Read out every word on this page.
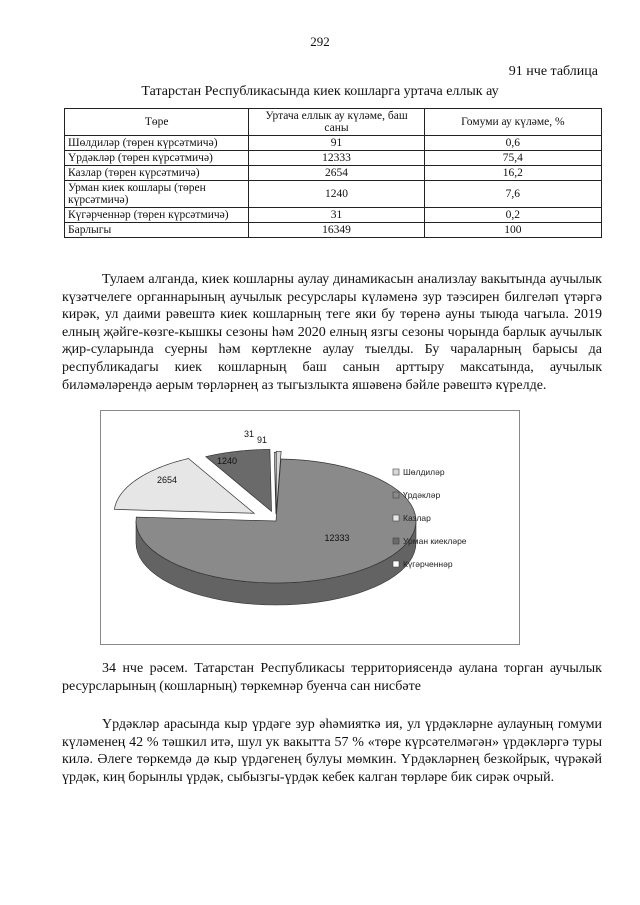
292
91 нче таблица
Татарстан Республикасында киек кошларга уртача еллык ау
Төре	Уртача еллык ау күләме, баш саны	Гомуми ау күләме, %
Шөлдиләр (төрен күрсәтмичә)	91	0,6
Үрдәкләр (төрен күрсәтмичә)	12333	75,4
Казлар (төрен күрсәтмичә)	2654	16,2
Урман киек кошлары (төрен күрсәтмичә)	1240	7,6
Күгәрченнәр (төрен күрсәтмичә)	31	0,2
Барлыгы	16349	100

Тулаем алганда, киек кошларны аулау динамикасын анализлау вакытында аучылык күзәтчелеге органнарының аучылык ресурслары күләменә зур тәэсирен билгеләп үтәргә кирәк, ул даими рәвештә киек кошларның теге яки бу төренә ауны тыюда чагыла. 2019 елның җәйге-көзге-кышкы сезоны һәм 2020 елның язгы сезоны чорында барлык аучылык җир-суларында суерны һәм көртлекне аулау тыелды. Бу чараларның барысы да республикадагы киек кошларның баш санын арттыру максатында, аучылык биләмәләрендә аерым төрләрнең аз тыгызлыкта яшәвенә бәйле рәвештә күрелде.

91
12333
2654
1240
31
Шөлдиләр
Үрдәкләр
Казлар
Урман киекләре
Күгәрченнәр

34 нче рәсем. Татарстан Республикасы территориясендә аулана торган аучылык ресурсларының (кошларның) төркемнәр буенча сан нисбәте

Үрдәкләр арасында кыр үрдәге зур әһәмияткә ия, ул үрдәкләрне аулауның гомуми күләменең 42 % тәшкил итә, шул ук вакытта 57 % «төре күрсәтелмәгән» үрдәкләргә туры килә. Әлеге төркемдә дә кыр үрдәгенең булуы мөмкин. Үрдәкләрнең безкойрык, чүрәкәй үрдәк, киң борынлы үрдәк, сыбызгы-үрдәк кебек калган төрләре бик сирәк очрый.
